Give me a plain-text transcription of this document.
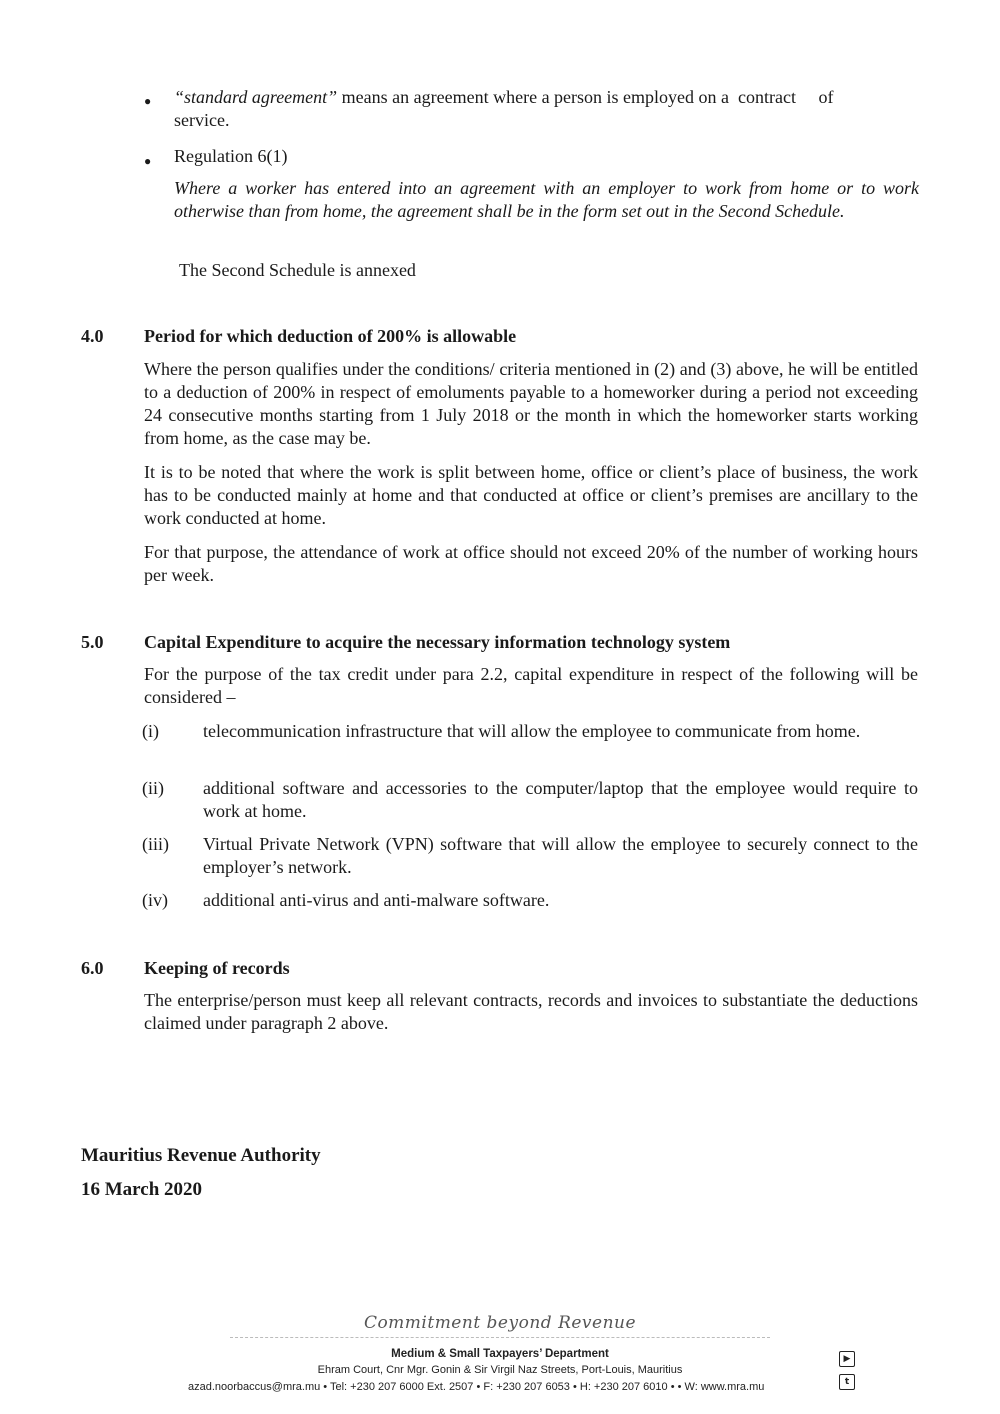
● “standard agreement” means an agreement where a person is employed on a  contract     of
service.
● Regulation 6(1)
Where a worker has entered into an agreement with an employer to work from home or to work otherwise than from home, the agreement shall be in the form set out in the Second Schedule.
The Second Schedule is annexed
4.0 Period for which deduction of 200% is allowable
Where the person qualifies under the conditions/ criteria mentioned in (2) and (3) above, he will be entitled to a deduction of 200% in respect of emoluments payable to a homeworker during a period not exceeding 24 consecutive months starting from 1 July 2018 or the month in which the homeworker starts working from home, as the case may be.
It is to be noted that where the work is split between home, office or client’s place of business, the work has to be conducted mainly at home and that conducted at office or client’s premises are ancillary to the work conducted at home.
For that purpose, the attendance of work at office should not exceed 20% of the number of working hours per week.
5.0 Capital Expenditure to acquire the necessary information technology system
For the purpose of the tax credit under para 2.2, capital expenditure in respect of the following will be considered –
(i) telecommunication infrastructure that will allow the employee to communicate from home.
(ii) additional software and accessories to the computer/laptop that the employee would require to work at home.
(iii) Virtual Private Network (VPN) software that will allow the employee to securely connect to the employer’s network.
(iv) additional anti-virus and anti-malware software.
6.0 Keeping of records
The enterprise/person must keep all relevant contracts, records and invoices to substantiate the deductions claimed under paragraph 2 above.
Mauritius Revenue Authority
16 March 2020
Commitment beyond Revenue
Medium & Small Taxpayers’ Department
Ehram Court, Cnr Mgr. Gonin & Sir Virgil Naz Streets, Port-Louis, Mauritius
azad.noorbaccus@mra.mu • Tel: +230 207 6000 Ext. 2507 • F: +230 207 6053 • H: +230 207 6010 • • W: www.mra.mu
▶
t
